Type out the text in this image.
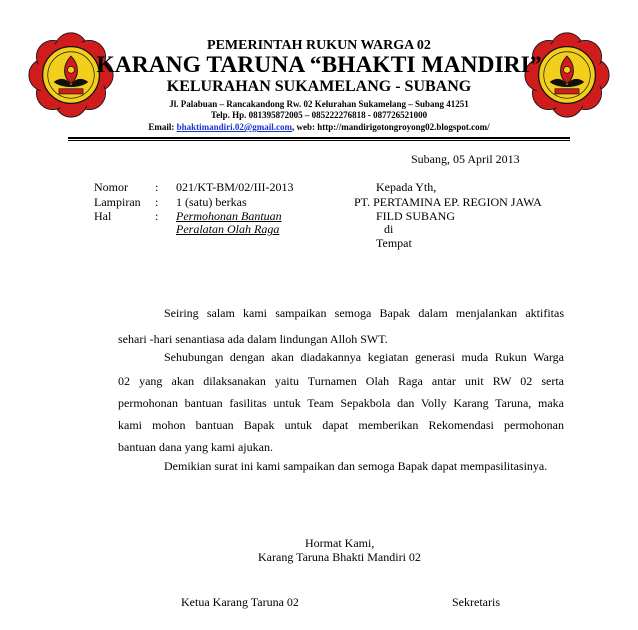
PEMERINTAH RUKUN WARGA 02
KARANG TARUNA “BHAKTI MANDIRI”
KELURAHAN SUKAMELANG - SUBANG
Jl. Palabuan – Rancakandong Rw. 02 Kelurahan Sukamelang – Subang 41251
Telp. Hp. 081395872005 – 085222276818 - 087726521000
Email: bhaktimandiri.02@gmail.com, web: http://mandirigotongroyong02.blogspot.com/
Subang, 05 April 2013
Nomor : 021/KT-BM/02/III-2013
Lampiran : 1 (satu) berkas
Hal	: Permohonan Bantuan
Peralatan Olah Raga
Kepada Yth,
PT. PERTAMINA EP. REGION JAWA
FILD SUBANG
di
Tempat
Seiring salam kami sampaikan semoga Bapak dalam menjalankan aktifitas
sehari -hari senantiasa ada dalam lindungan Alloh SWT.
Sehubungan dengan akan diadakannya kegiatan generasi muda Rukun Warga
02 yang akan dilaksanakan yaitu Turnamen Olah Raga antar unit RW 02 serta
permohonan bantuan fasilitas untuk Team Sepakbola dan Volly Karang Taruna, maka
kami mohon bantuan Bapak untuk dapat memberikan Rekomendasi permohonan
bantuan dana yang kami ajukan.
Demikian surat ini kami sampaikan dan semoga Bapak dapat mempasilitasinya.
Hormat Kami,
Karang Taruna Bhakti Mandiri 02
Ketua Karang Taruna 02	Sekretaris
